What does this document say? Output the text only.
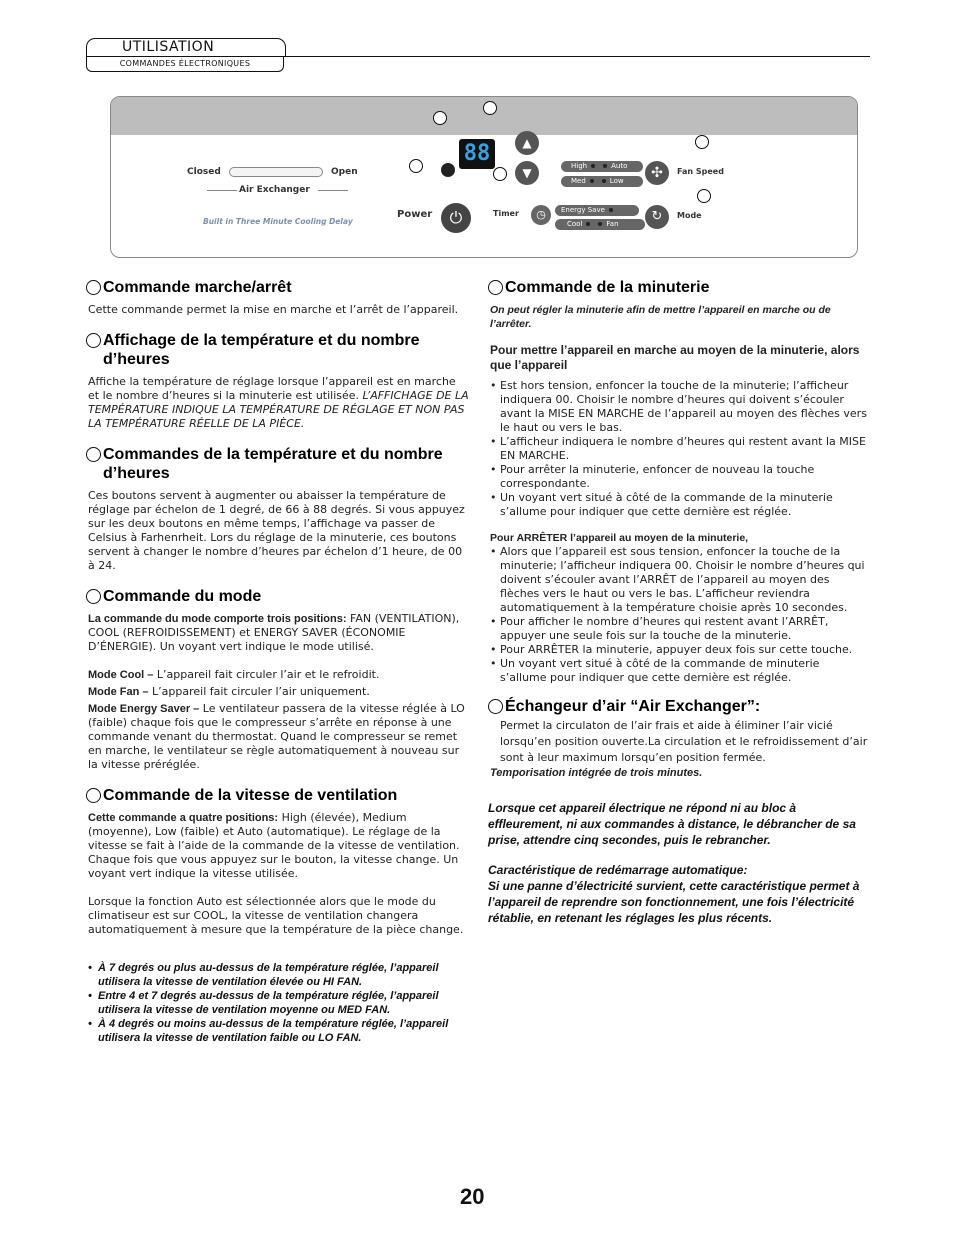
UTILISATION
COMMANDES ÉLECTRONIQUES
Closed	Open
Air Exchanger
Built in Three Minute Cooling Delay
88	▲
▼
Power	⏻	Timer	◷
High	Auto
Med	Low	✣	Fan Speed
Energy Save
Cool	Fan	↻	Mode
Commande marche/arrêt
Cette commande permet la mise en marche et l’arrêt de l’appareil.
Affichage de la température et du nombre d’heures
Affiche la température de réglage lorsque l’appareil est en marche et le nombre d’heures si la minuterie est utilisée. L’AFFICHAGE DE LA TEMPÉRATURE INDIQUE LA TEMPÉRATURE DE RÉGLAGE ET NON PAS LA TEMPÉRATURE RÉELLE DE LA PIÈCE.
Commandes de la température et du nombre d’heures
Ces boutons servent à augmenter ou abaisser la température de réglage par échelon de 1 degré, de 66 à 88 degrés. Si vous appuyez sur les deux boutons en même temps, l’affichage va passer de Celsius à Farhenrheit. Lors du réglage de la minuterie, ces boutons servent à changer le nombre d’heures par échelon d’1 heure, de 00 à 24.
Commande du mode
La commande du mode comporte trois positions: FAN (VENTILATION), COOL (REFROIDISSEMENT) et ENERGY SAVER (ÉCONOMIE D’ÉNERGIE). Un voyant vert indique le mode utilisé.
Mode Cool – L’appareil fait circuler l’air et le refroidit.
Mode Fan – L’appareil fait circuler l’air uniquement.
Mode Energy Saver – Le ventilateur passera de la vitesse réglée à LO (faible) chaque fois que le compresseur s’arrête en réponse à une commande venant du thermostat. Quand le compresseur se remet en marche, le ventilateur se règle automatiquement à nouveau sur la vitesse préréglée.
Commande de la vitesse de ventilation
Cette commande a quatre positions: High (élevée), Medium (moyenne), Low (faible) et Auto (automatique). Le réglage de la vitesse se fait à l’aide de la commande de la vitesse de ventilation. Chaque fois que vous appuyez sur le bouton, la vitesse change. Un voyant vert indique la vitesse utilisée.
Lorsque la fonction Auto est sélectionnée alors que le mode du climatiseur est sur COOL, la vitesse de ventilation changera automatiquement à mesure que la température de la pièce change.
• À 7 degrés ou plus au-dessus de la température réglée, l’appareil utilisera la vitesse de ventilation élevée ou HI FAN.
• Entre 4 et 7 degrés au-dessus de la température réglée, l’appareil utilisera la vitesse de ventilation moyenne ou MED FAN.
• À 4 degrés ou moins au-dessus de la température réglée, l’appareil utilisera la vitesse de ventilation faible ou LO FAN.
Commande de la minuterie
On peut régler la minuterie afin de mettre l’appareil en marche ou de l’arrêter.
Pour mettre l’appareil en marche au moyen de la minuterie, alors que l’appareil
• Est hors tension, enfoncer la touche de la minuterie; l’afficheur indiquera 00. Choisir le nombre d’heures qui doivent s’écouler avant la MISE EN MARCHE de l’appareil au moyen des flèches vers le haut ou vers le bas.
• L’afficheur indiquera le nombre d’heures qui restent avant la MISE EN MARCHE.
• Pour arrêter la minuterie, enfoncer de nouveau la touche correspondante.
• Un voyant vert situé à côté de la commande de la minuterie s’allume pour indiquer que cette dernière est réglée.
Pour ARRÊTER l’appareil au moyen de la minuterie,
• Alors que l’appareil est sous tension, enfoncer la touche de la minuterie; l’afficheur indiquera 00. Choisir le nombre d’heures qui doivent s’écouler avant l’ARRÊT de l’appareil au moyen des flèches vers le haut ou vers le bas. L’afficheur reviendra automatiquement à la température choisie après 10 secondes.
• Pour afficher le nombre d’heures qui restent avant l’ARRÊT, appuyer une seule fois sur la touche de la minuterie.
• Pour ARRÊTER la minuterie, appuyer deux fois sur cette touche.
• Un voyant vert situé à côté de la commande de minuterie s’allume pour indiquer que cette dernière est réglée.
Échangeur d’air “Air Exchanger”:
Permet la circulaton de l’air frais et aide à éliminer l’air vicié lorsqu’en position ouverte.La circulation et le refroidissement d’air sont à leur maximum lorsqu’en position fermée.
Temporisation intégrée de trois minutes.
Lorsque cet appareil électrique ne répond ni au bloc à effleurement, ni aux commandes à distance, le débrancher de sa prise, attendre cinq secondes, puis le rebrancher.
Caractéristique de redémarrage automatique:
Si une panne d’électricité survient, cette caractéristique permet à l’appareil de reprendre son fonctionnement, une fois l’électricité rétablie, en retenant les réglages les plus récents.
20
